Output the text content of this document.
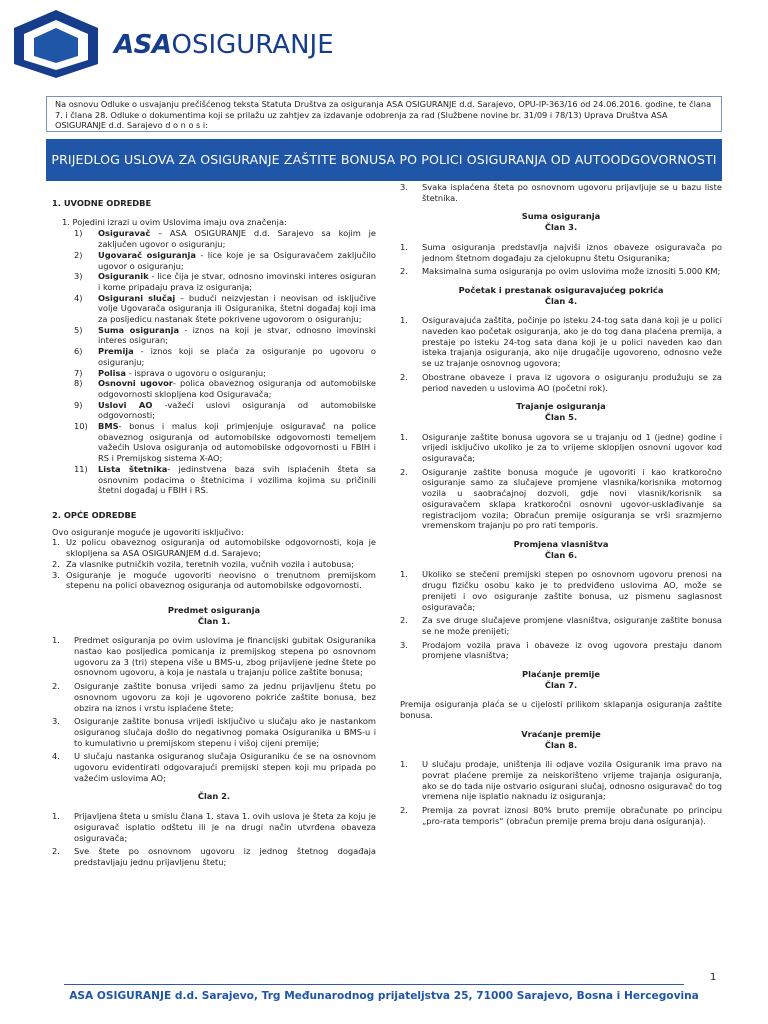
ASAOSIGURANJE
Na osnovu Odluke o usvajanju prečišćenog teksta Statuta Društva za osiguranja ASA OSIGURANJE d.d. Sarajevo, OPU-IP-363/16 od 24.06.2016. godine, te člana 7. i člana 28. Odluke o dokumentima koji se prilažu uz zahtjev za izdavanje odobrenja za rad (Službene novine br. 31/09 i 78/13) Uprava Društva ASA OSIGURANJE d.d. Sarajevo d o n o s i:
PRIJEDLOG USLOVA ZA OSIGURANJE ZAŠTITE BONUSA PO POLICI OSIGURANJA OD AUTOODGOVORNOSTI
1. UVODNE ODREDBE
1. Pojedini izrazi u ovim Uslovima imaju ova značenja:
1) Osiguravač – ASA OSIGURANJE d.d. Sarajevo sa kojim je zaključen ugovor o osiguranju;
2) Ugovarač osiguranja - lice koje je sa Osiguravačem zaključilo ugovor o osiguranju;
3) Osiguranik - lice čija je stvar, odnosno imovinski interes osiguran i kome pripadaju prava iz osiguranja;
4) Osigurani slučaj – budući neizvjestan i neovisan od isključive volje Ugovarača osiguranja ili Osiguranika, štetni događaj koji ima za posljedicu nastanak štete pokrivene ugovorom o osiguranju;
5) Suma osiguranja - iznos na koji je stvar, odnosno imovinski interes osiguran;
6) Premija - iznos koji se plaća za osiguranje po ugovoru o osiguranju;
7) Polisa - isprava o ugovoru o osiguranju;
8) Osnovni ugovor- polica obaveznog osiguranja od automobilske odgovornosti sklopljena kod Osiguravača;
9) Uslovi AO -važeći uslovi osiguranja od automobilske odgovornosti;
10) BMS- bonus i malus koji primjenjuje osiguravač na police obaveznog osiguranja od automobilske odgovornosti temeljem važećih Uslova osiguranja od automobilske odgovornosti u FBIH i RS i Premijskog sistema X-AO;
11) Lista štetnika- jedinstvena baza svih isplaćenih šteta sa osnovnim podacima o štetnicima i vozilima kojima su pričinili štetni događaj u FBIH i RS.
2. OPĆE ODREDBE

Ovo osiguranje moguće je ugovoriti isključivo:

1. Uz policu obaveznog osiguranja od automobilske odgovornosti, koja je sklopljena sa ASA OSIGURANJEM d.d. Sarajevo;
2. Za vlasnike putničkih vozila, teretnih vozila, vučnih vozila i autobusa;
3. Osiguranje je moguće ugovoriti neovisno o trenutnom premijskom stepenu na polici obaveznog osiguranja od automobilske odgovornosti.
Predmet osiguranja
Član 1.
1. Predmet osiguranja po ovim uslovima je financijski gubitak Osiguranika nastao kao posljedica pomicanja iz premijskog stepena po osnovnom ugovoru za 3 (tri) stepena više u BMS-u, zbog prijavljene jedne štete po osnovnom ugovoru, a koja je nastala u trajanju police zaštite bonusa;
2. Osiguranje zaštite bonusa vrijedi samo za jednu prijavljenu štetu po osnovnom ugovoru za koji je ugovoreno pokriće zaštite bonusa, bez obzira na iznos i vrstu isplaćene štete;
3. Osiguranje zaštite bonusa vrijedi isključivo u slučaju ako je nastankom osiguranog slučaja došlo do negativnog pomaka Osiguranika u BMS-u i to kumulativno u premijskom stepenu i višoj cijeni premije;
4. U slučaju nastanka osiguranog slučaja Osiguraniku će se na osnovnom ugovoru evidentirati odgovarajući premijski stepen koji mu pripada po važećim uslovima AO;
Član 2.
1. Prijavljena šteta u smislu člana 1. stava 1. ovih uslova je šteta za koju je osiguravač isplatio odštetu ili je na drugi način utvrđena obaveza osiguravača;
2. Sve štete po osnovnom ugovoru iz jednog štetnog događaja predstavljaju jednu prijavljenu štetu;
3. Svaka isplaćena šteta po osnovnom ugovoru prijavljuje se u bazu liste štetnika.
Suma osiguranja
Član 3.
1. Suma osiguranja predstavlja najviši iznos obaveze osiguravača po jednom štetnom događaju za cjelokupnu štetu Osiguranika;
2. Maksimalna suma osiguranja po ovim uslovima može iznositi 5.000 KM;
Početak i prestanak osiguravajućeg pokrića
Član 4.
1. Osiguravajuća zaštita, počinje po isteku 24-tog sata dana koji je u polici naveden kao početak osiguranja, ako je do tog dana plaćena premija, a prestaje po isteku 24-tog sata dana koji je u polici naveden kao dan isteka trajanja osiguranja, ako nije drugačije ugovoreno, odnosno veže se uz trajanje osnovnog ugovora;
2. Obostrane obaveze i prava iz ugovora o osiguranju produžuju se za period naveden u uslovima AO (početni rok).
Trajanje osiguranja
Član 5.
1. Osiguranje zaštite bonusa ugovora se u trajanju od 1 (jedne) godine i vrijedi isključivo ukoliko je za to vrijeme sklopljen osnovni ugovor kod osiguravača;
2. Osiguranje zaštite bonusa moguće je ugovoriti i kao kratkoročno osiguranje samo za slučajeve promjene vlasnika/korisnika motornog vozila u saobraćajnoj dozvoli, gdje novi vlasnik/korisnik sa osiguravačem sklapa kratkoročni osnovni ugovor-usklađivanje sa registracijom vozila; Obračun premije osiguranja se vrši srazmjerno vremenskom trajanju po pro rati temporis.
Promjena vlasništva
Član 6.
1. Ukoliko se stečeni premijski stepen po osnovnom ugovoru prenosi na drugu fizičku osobu kako je to predviđeno uslovima AO, može se prenijeti i ovo osiguranje zaštite bonusa, uz pismenu saglasnost osiguravača;
2. Za sve druge slučajeve promjene vlasništva, osiguranje zaštite bonusa se ne može prenijeti;
3. Prodajom vozila prava i obaveze iz ovog ugovora prestaju danom promjene vlasništva;
Plaćanje premije
Član 7.

Premija osiguranja plaća se u cijelosti prilikom sklapanja osiguranja zaštite bonusa.

Vraćanje premije
Član 8.
1. U slučaju prodaje, uništenja ili odjave vozila Osiguranik ima pravo na povrat plaćene premije za neiskorišteno vrijeme trajanja osiguranja, ako se do tada nije ostvario osigurani slučaj, odnosno osiguravač do tog vremena nije isplatio naknadu iz osiguranja;
2. Premija za povrat iznosi 80% bruto premije obračunate po principu „pro-rata temporis“ (obračun premije prema broju dana osiguranja).
1
ASA OSIGURANJE d.d. Sarajevo, Trg Međunarodnog prijateljstva 25, 71000 Sarajevo, Bosna i Hercegovina
